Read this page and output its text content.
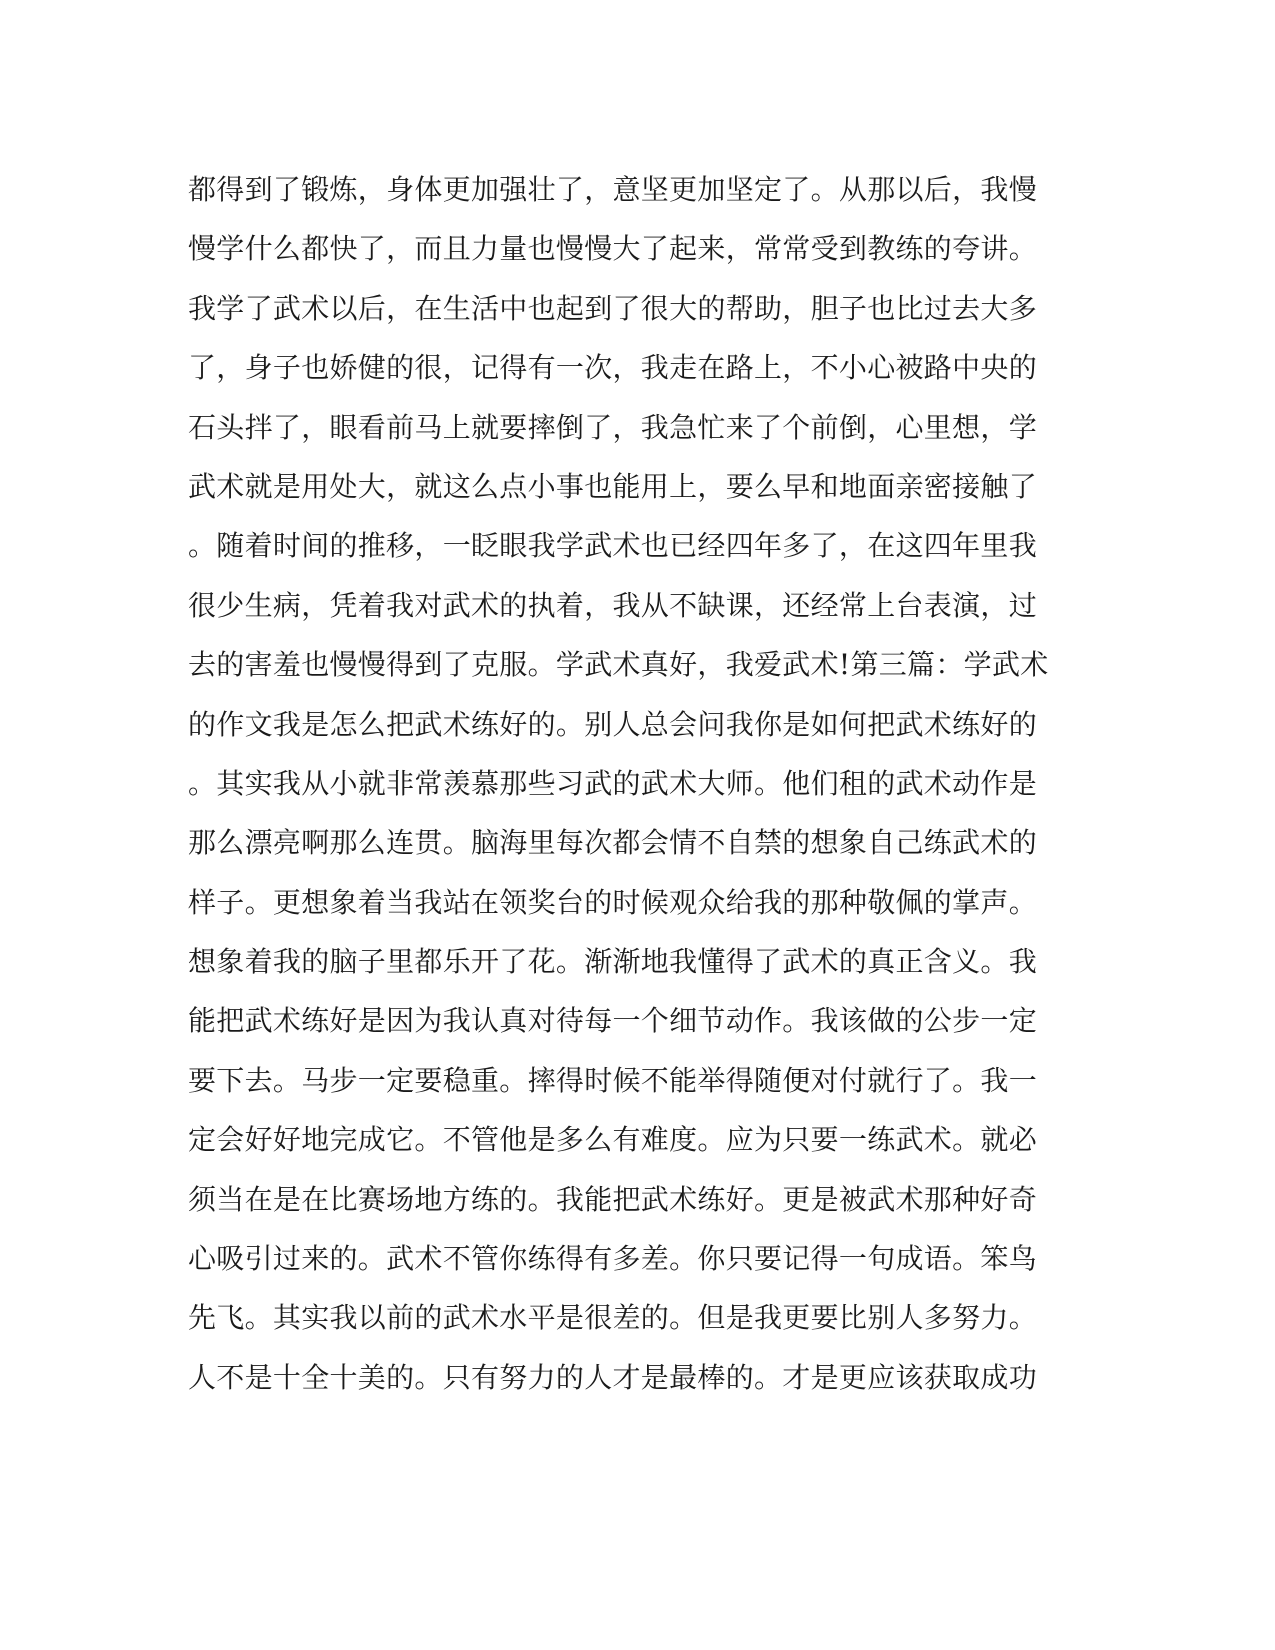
都得到了锻炼，身体更加强壮了，意坚更加坚定了。从那以后，我慢
慢学什么都快了，而且力量也慢慢大了起来，常常受到教练的夸讲。
我学了武术以后，在生活中也起到了很大的帮助，胆子也比过去大多
了，身子也娇健的很，记得有一次，我走在路上，不小心被路中央的
石头拌了，眼看前马上就要摔倒了，我急忙来了个前倒，心里想，学
武术就是用处大，就这么点小事也能用上，要么早和地面亲密接触了
。随着时间的推移，一眨眼我学武术也已经四年多了，在这四年里我
很少生病，凭着我对武术的执着，我从不缺课，还经常上台表演，过
去的害羞也慢慢得到了克服。学武术真好，我爱武术!第三篇：学武术
的作文我是怎么把武术练好的。别人总会问我你是如何把武术练好的
。其实我从小就非常羡慕那些习武的武术大师。他们租的武术动作是
那么漂亮啊那么连贯。脑海里每次都会情不自禁的想象自己练武术的
样子。更想象着当我站在领奖台的时候观众给我的那种敬佩的掌声。
想象着我的脑子里都乐开了花。渐渐地我懂得了武术的真正含义。我
能把武术练好是因为我认真对待每一个细节动作。我该做的公步一定
要下去。马步一定要稳重。摔得时候不能举得随便对付就行了。我一
定会好好地完成它。不管他是多么有难度。应为只要一练武术。就必
须当在是在比赛场地方练的。我能把武术练好。更是被武术那种好奇
心吸引过来的。武术不管你练得有多差。你只要记得一句成语。笨鸟
先飞。其实我以前的武术水平是很差的。但是我更要比别人多努力。
人不是十全十美的。只有努力的人才是最棒的。才是更应该获取成功
